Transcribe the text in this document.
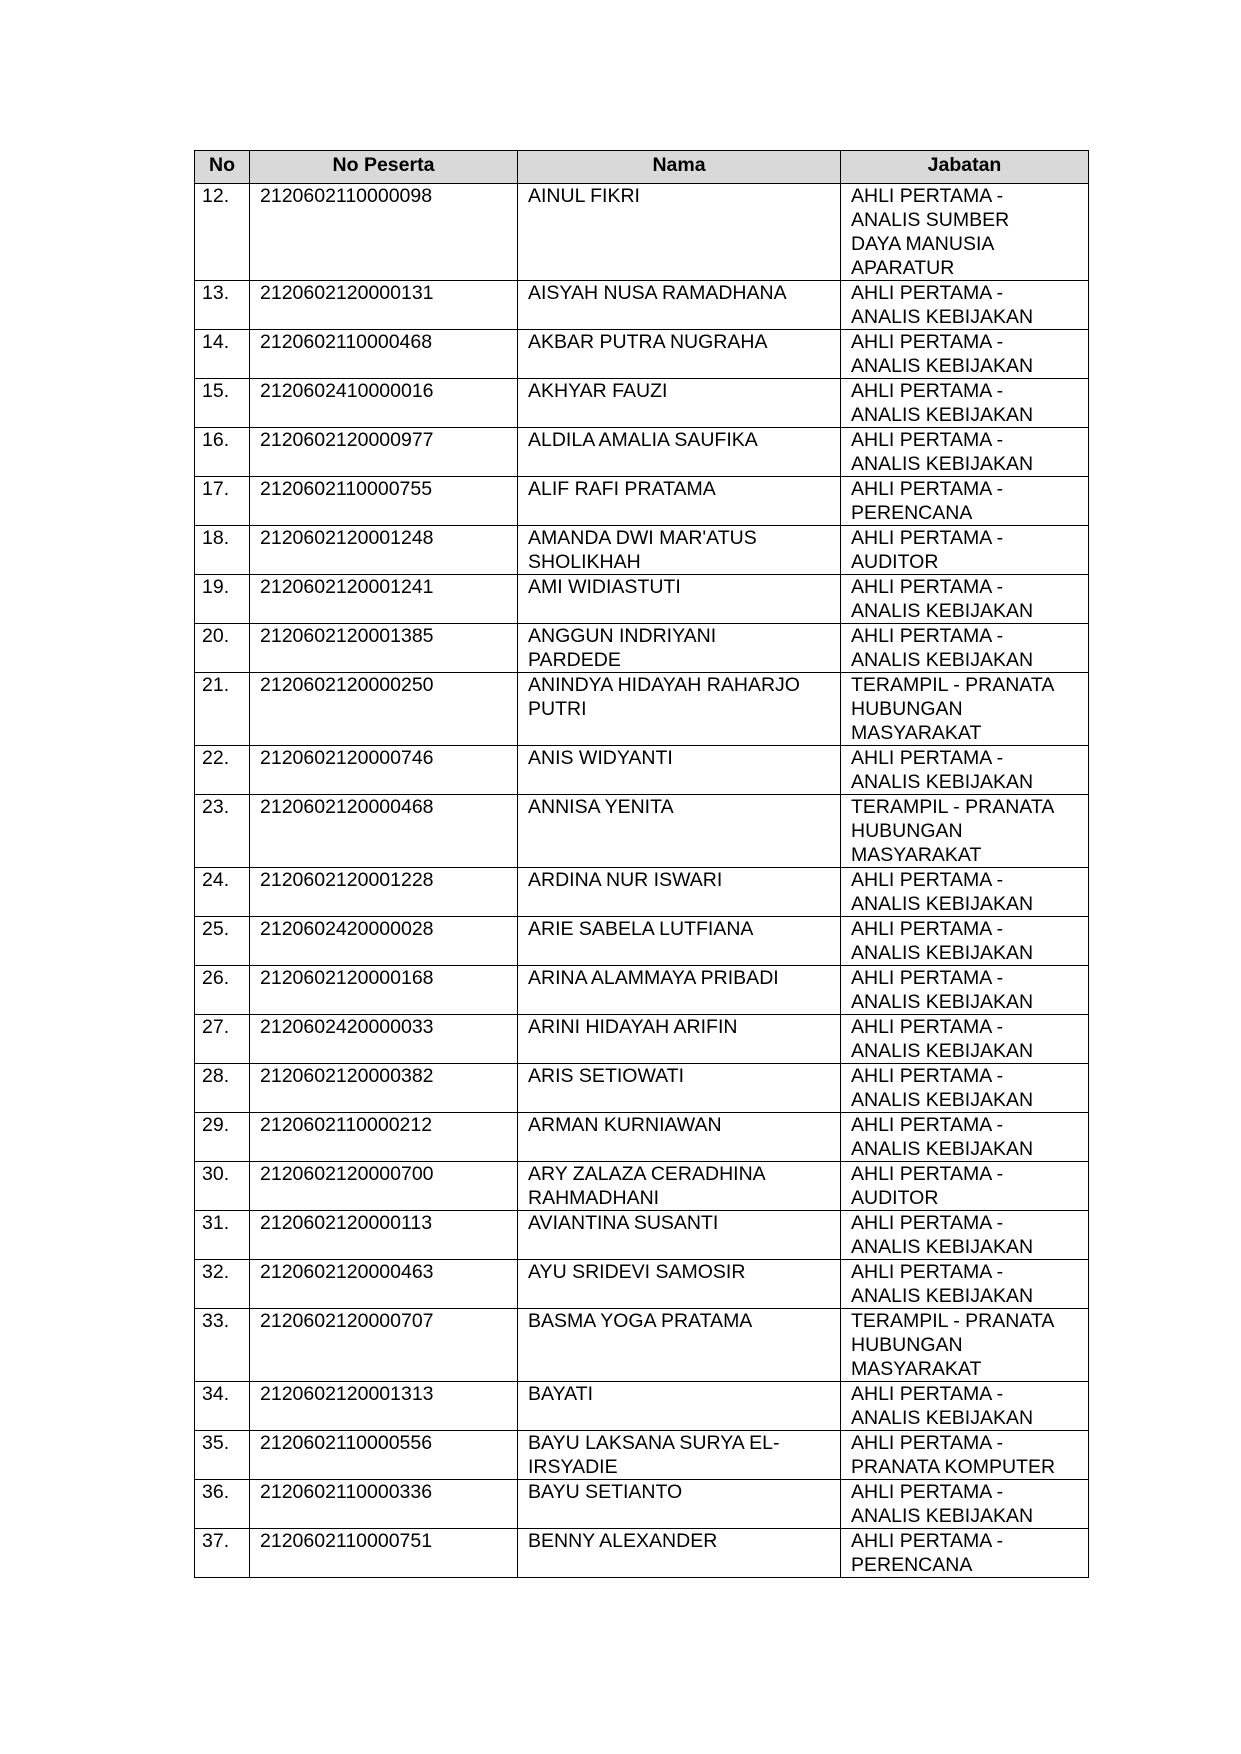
No	No Peserta	Nama	Jabatan
12.	2120602110000098	AINUL FIKRI	AHLI PERTAMA -
ANALIS SUMBER
DAYA MANUSIA
APARATUR

13.	2120602120000131	AISYAH NUSA RAMADHANA	AHLI PERTAMA -
ANALIS KEBIJAKAN

14.	2120602110000468	AKBAR PUTRA NUGRAHA	AHLI PERTAMA -
ANALIS KEBIJAKAN

15.	2120602410000016	AKHYAR FAUZI	AHLI PERTAMA -
ANALIS KEBIJAKAN

16.	2120602120000977	ALDILA AMALIA SAUFIKA	AHLI PERTAMA -
ANALIS KEBIJAKAN

17.	2120602110000755	ALIF RAFI PRATAMA	AHLI PERTAMA -
PERENCANA

18.	2120602120001248	AMANDA DWI MAR'ATUS
SHOLIKHAH	AHLI PERTAMA -
AUDITOR

19.	2120602120001241	AMI WIDIASTUTI	AHLI PERTAMA -
ANALIS KEBIJAKAN

20.	2120602120001385	ANGGUN INDRIYANI
PARDEDE	AHLI PERTAMA -
ANALIS KEBIJAKAN

21.	2120602120000250	ANINDYA HIDAYAH RAHARJO
PUTRI	TERAMPIL - PRANATA
HUBUNGAN
MASYARAKAT

22.	2120602120000746	ANIS WIDYANTI	AHLI PERTAMA -
ANALIS KEBIJAKAN

23.	2120602120000468	ANNISA YENITA	TERAMPIL - PRANATA
HUBUNGAN
MASYARAKAT

24.	2120602120001228	ARDINA NUR ISWARI	AHLI PERTAMA -
ANALIS KEBIJAKAN

25.	2120602420000028	ARIE SABELA LUTFIANA	AHLI PERTAMA -
ANALIS KEBIJAKAN

26.	2120602120000168	ARINA ALAMMAYA PRIBADI	AHLI PERTAMA -
ANALIS KEBIJAKAN

27.	2120602420000033	ARINI HIDAYAH ARIFIN	AHLI PERTAMA -
ANALIS KEBIJAKAN

28.	2120602120000382	ARIS SETIOWATI	AHLI PERTAMA -
ANALIS KEBIJAKAN

29.	2120602110000212	ARMAN KURNIAWAN	AHLI PERTAMA -
ANALIS KEBIJAKAN

30.	2120602120000700	ARY ZALAZA CERADHINA
RAHMADHANI	AHLI PERTAMA -
AUDITOR

31.	2120602120000113	AVIANTINA SUSANTI	AHLI PERTAMA -
ANALIS KEBIJAKAN

32.	2120602120000463	AYU SRIDEVI SAMOSIR	AHLI PERTAMA -
ANALIS KEBIJAKAN

33.	2120602120000707	BASMA YOGA PRATAMA	TERAMPIL - PRANATA
HUBUNGAN
MASYARAKAT

34.	2120602120001313	BAYATI	AHLI PERTAMA -
ANALIS KEBIJAKAN

35.	2120602110000556	BAYU LAKSANA SURYA EL-
IRSYADIE	AHLI PERTAMA -
PRANATA KOMPUTER

36.	2120602110000336	BAYU SETIANTO	AHLI PERTAMA -
ANALIS KEBIJAKAN

37.	2120602110000751	BENNY ALEXANDER	AHLI PERTAMA -
PERENCANA
